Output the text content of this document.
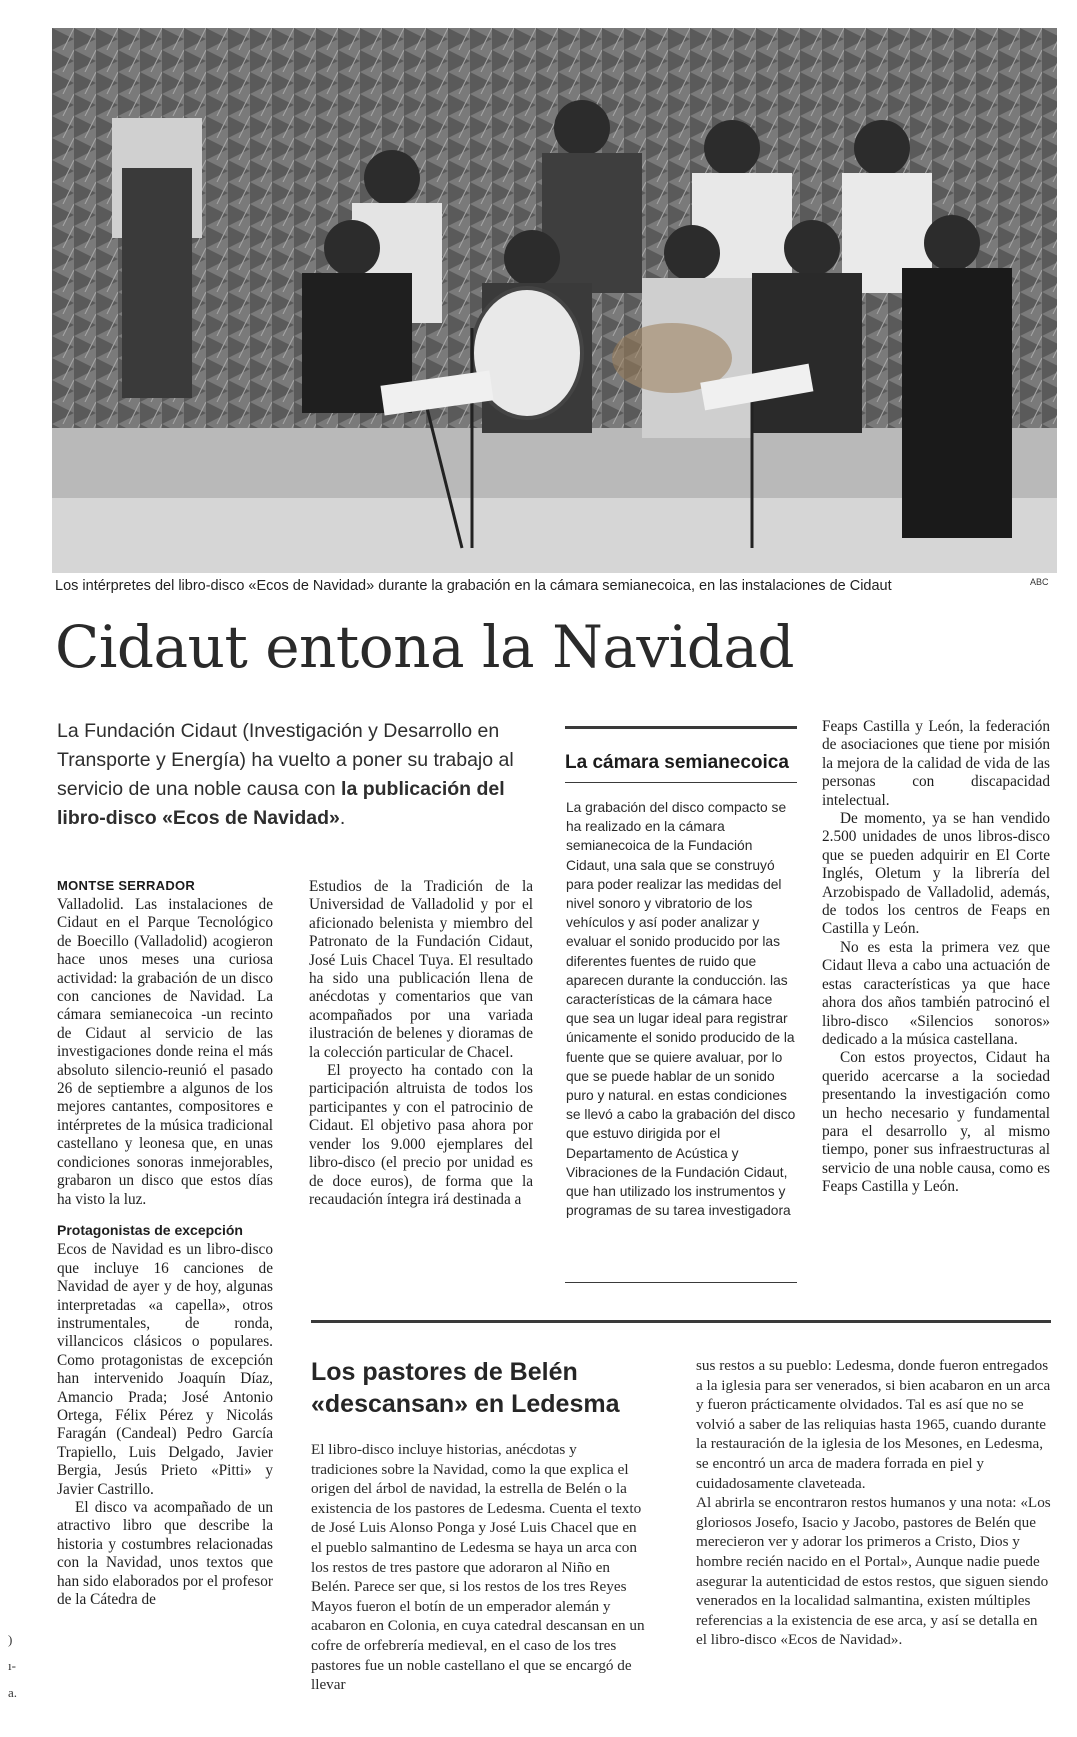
Los intérpretes del libro-disco «Ecos de Navidad» durante la grabación en la cámara semianecoica, en las instalaciones de Cidaut	ABC
Cidaut entona la Navidad
La Fundación Cidaut (Investigación y Desarrollo en Transporte y Energía) ha vuelto a poner su trabajo al servicio de una noble causa con la publicación del libro-disco «Ecos de Navidad».
MONTSE SERRADOR

Valladolid. Las instalaciones de Cidaut en el Parque Tecnológico de Boecillo (Valladolid) acogieron hace unos meses una curiosa actividad: la grabación de un disco con canciones de Navidad. La cámara semianecoica -un recinto de Cidaut al servicio de las investigaciones donde reina el más absoluto silencio-reunió el pasado 26 de septiembre a algunos de los mejores cantantes, compositores e intérpretes de la música tradicional castellano y leonesa que, en unas condiciones sonoras inmejorables, grabaron un disco que estos días ha visto la luz.

Protagonistas de excepción

Ecos de Navidad es un libro-disco que incluye 16 canciones de Navidad de ayer y de hoy, algunas interpretadas «a capella», otros instrumentales, de ronda, villancicos clásicos o populares. Como protagonistas de excepción han intervenido Joaquín Díaz, Amancio Prada; José Antonio Ortega, Félix Pérez y Nicolás Faragán (Candeal) Pedro García Trapiello, Luis Delgado, Javier Bergia, Jesús Prieto «Pitti» y Javier Castrillo.

El disco va acompañado de un atractivo libro que describe la historia y costumbres relacionadas con la Navidad, unos textos que han sido elaborados por el profesor de la Cátedra de

Estudios de la Tradición de la Universidad de Valladolid y por el aficionado belenista y miembro del Patronato de la Fundación Cidaut, José Luis Chacel Tuya. El resultado ha sido una publicación llena de anécdotas y comentarios que van acompañados por una variada ilustración de belenes y dioramas de la colección particular de Chacel.

El proyecto ha contado con la participación altruista de todos los participantes y con el patrocinio de Cidaut. El objetivo pasa ahora por vender los 9.000 ejemplares del libro-disco (el precio por unidad es de doce euros), de forma que la recaudación íntegra irá destinada a

La cámara semianecoica
La grabación del disco compacto se ha realizado en la cámara semianecoica de la Fundación Cidaut, una sala que se construyó para poder realizar las medidas del nivel sonoro y vibratorio de los vehículos y así poder analizar y evaluar el sonido producido por las diferentes fuentes de ruido que aparecen durante la conducción. las características de la cámara hace que sea un lugar ideal para registrar únicamente el sonido producido de la fuente que se quiere avaluar, por lo que se puede hablar de un sonido puro y natural. en estas condiciones se llevó a cabo la grabación del disco que estuvo dirigida por el Departamento de Acústica y Vibraciones de la Fundación Cidaut, que han utilizado los instrumentos y programas de su tarea investigadora

Feaps Castilla y León, la federación de asociaciones que tiene por misión la mejora de la calidad de vida de las personas con discapacidad intelectual.

De momento, ya se han vendido 2.500 unidades de unos libros-disco que se pueden adquirir en El Corte Inglés, Oletum y la librería del Arzobispado de Valladolid, además, de todos los centros de Feaps en Castilla y León.

No es esta la primera vez que Cidaut lleva a cabo una actuación de estas características ya que hace ahora dos años también patrocinó el libro-disco «Silencios sonoros» dedicado a la música castellana.

Con estos proyectos, Cidaut ha querido acercarse a la sociedad presentando la investigación como un hecho necesario y fundamental para el desarrollo y, al mismo tiempo, poner sus infraestructuras al servicio de una noble causa, como es Feaps Castilla y León.

Los pastores de Belén
«descansan» en Ledesma
El libro-disco incluye historias, anécdotas y tradiciones sobre la Navidad, como la que explica el origen del árbol de navidad, la estrella de Belén o la existencia de los pastores de Ledesma. Cuenta el texto de José Luis Alonso Ponga y José Luis Chacel que en el pueblo salmantino de Ledesma se haya un arca con los restos de tres pastore que adoraron al Niño en Belén. Parece ser que, si los restos de los tres Reyes Mayos fueron el botín de un emperador alemán y acabaron en Colonia, en cuya catedral descansan en un cofre de orfebrería medieval, en el caso de los tres pastores fue un noble castellano el que se encargó de llevar
sus restos a su pueblo: Ledesma, donde fueron entregados a la iglesia para ser venerados, si bien acabaron en un arca y fueron prácticamente olvidados. Tal es así que no se volvió a saber de las reliquias hasta 1965, cuando durante la restauración de la iglesia de los Mesones, en Ledesma, se encontró un arca de madera forrada en piel y cuidadosamente claveteada.
Al abrirla se encontraron restos humanos y una nota: «Los gloriosos Josefo, Isacio y Jacobo, pastores de Belén que merecieron ver y adorar los primeros a Cristo, Dios y hombre recién nacido en el Portal», Aunque nadie puede asegurar la autenticidad de estos restos, que siguen siendo venerados en la localidad salmantina, existen múltiples referencias a la existencia de ese arca, y así se detalla en el libro-disco «Ecos de Navidad».
)
ı-
a.
